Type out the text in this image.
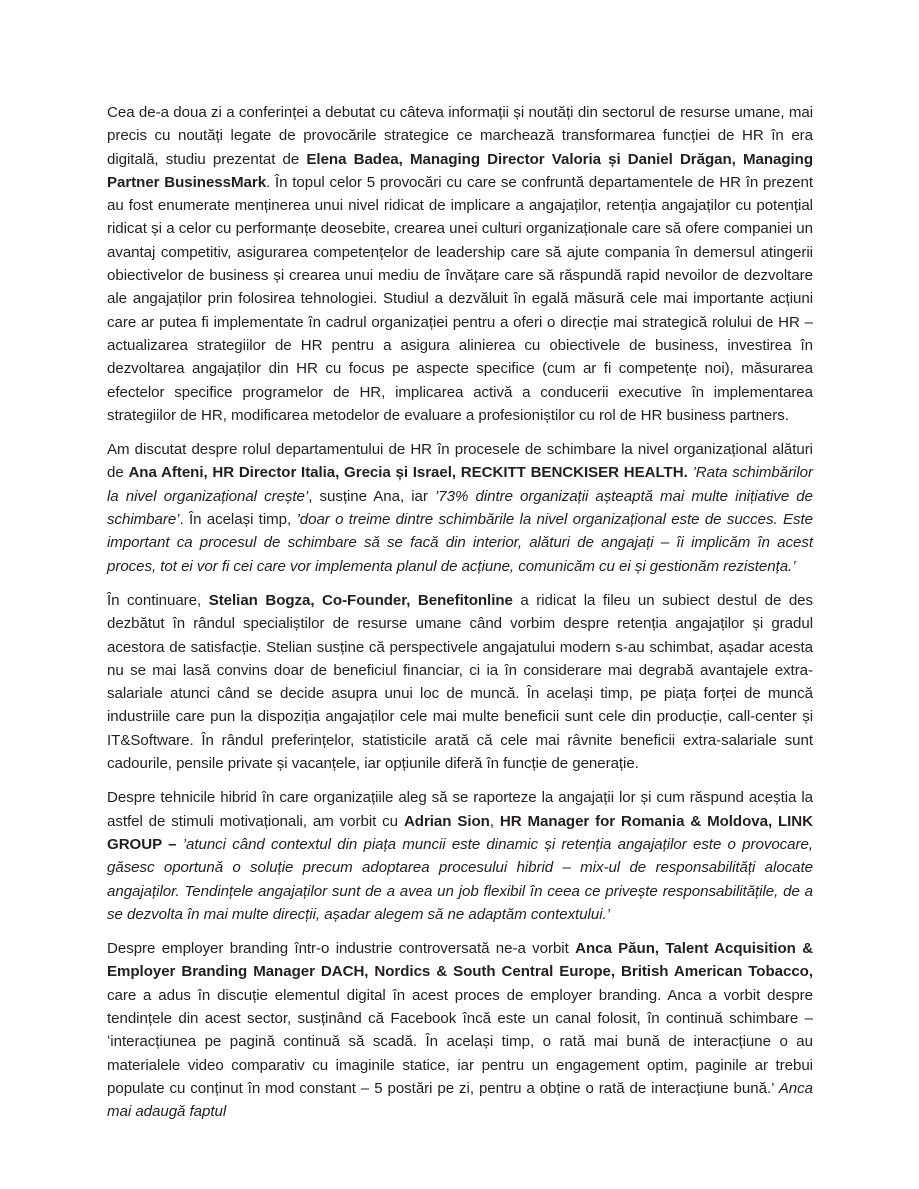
Cea de-a doua zi a conferinței a debutat cu câteva informații și noutăți din sectorul de resurse umane, mai precis cu noutăți legate de provocările strategice ce marchează transformarea funcției de HR în era digitală, studiu prezentat de Elena Badea, Managing Director Valoria și Daniel Drăgan, Managing Partner BusinessMark. În topul celor 5 provocări cu care se confruntă departamentele de HR în prezent au fost enumerate menținerea unui nivel ridicat de implicare a angajaților, retenția angajaților cu potențial ridicat și a celor cu performanțe deosebite, crearea unei culturi organizaționale care să ofere companiei un avantaj competitiv, asigurarea competențelor de leadership care să ajute compania în demersul atingerii obiectivelor de business și crearea unui mediu de învățare care să răspundă rapid nevoilor de dezvoltare ale angajaților prin folosirea tehnologiei. Studiul a dezvăluit în egală măsură cele mai importante acțiuni care ar putea fi implementate în cadrul organizației pentru a oferi o direcție mai strategică rolului de HR – actualizarea strategiilor de HR pentru a asigura alinierea cu obiectivele de business, investirea în dezvoltarea angajaților din HR cu focus pe aspecte specifice (cum ar fi competențe noi), măsurarea efectelor specifice programelor de HR, implicarea activă a conducerii executive în implementarea strategiilor de HR, modificarea metodelor de evaluare a profesioniștilor cu rol de HR business partners.

Am discutat despre rolul departamentului de HR în procesele de schimbare la nivel organizațional alături de Ana Afteni, HR Director Italia, Grecia și Israel, RECKITT BENCKISER HEALTH. ’Rata schimbărilor la nivel organizațional crește’, susține Ana, iar ’73% dintre organizații așteaptă mai multe inițiative de schimbare’. În același timp, ’doar o treime dintre schimbările la nivel organizațional este de succes. Este important ca procesul de schimbare să se facă din interior, alături de angajați – îi implicăm în acest proces, tot ei vor fi cei care vor implementa planul de acțiune, comunicăm cu ei și gestionăm rezistența.’

În continuare, Stelian Bogza, Co-Founder, Benefitonline a ridicat la fileu un subiect destul de des dezbătut în rândul specialiștilor de resurse umane când vorbim despre retenția angajaților și gradul acestora de satisfacție. Stelian susține că perspectivele angajatului modern s-au schimbat, așadar acesta nu se mai lasă convins doar de beneficiul financiar, ci ia în considerare mai degrabă avantajele extra-salariale atunci când se decide asupra unui loc de muncă. În același timp, pe piața forței de muncă industriile care pun la dispoziția angajaților cele mai multe beneficii sunt cele din producție, call-center și IT&Software. În rândul preferințelor, statisticile arată că cele mai râvnite beneficii extra-salariale sunt cadourile, pensile private și vacanțele, iar opțiunile diferă în funcție de generație.

Despre tehnicile hibrid în care organizațiile aleg să se raporteze la angajații lor și cum răspund aceștia la astfel de stimuli motivaționali, am vorbit cu Adrian Sion, HR Manager for Romania & Moldova, LINK GROUP – ’atunci când contextul din piața muncii este dinamic și retenția angajaților este o provocare, găsesc oportună o soluție precum adoptarea procesului hibrid – mix-ul de responsabilități alocate angajaților. Tendințele angajaților sunt de a avea un job flexibil în ceea ce privește responsabilitățile, de a se dezvolta în mai multe direcții, așadar alegem să ne adaptăm contextului.’

Despre employer branding într-o industrie controversată ne-a vorbit Anca Păun, Talent Acquisition & Employer Branding Manager DACH, Nordics & South Central Europe, British American Tobacco, care a adus în discuție elementul digital în acest proces de employer branding. Anca a vorbit despre tendințele din acest sector, susținând că Facebook încă este un canal folosit, în continuă schimbare – ʻinteracțiunea pe pagină continuă să scadă. În același timp, o rată mai bună de interacțiune o au materialele video comparativ cu imaginile statice, iar pentru un engagement optim, paginile ar trebui populate cu conținut în mod constant – 5 postări pe zi, pentru a obține o rată de interacțiune bună.’ Anca mai adaugă faptul
